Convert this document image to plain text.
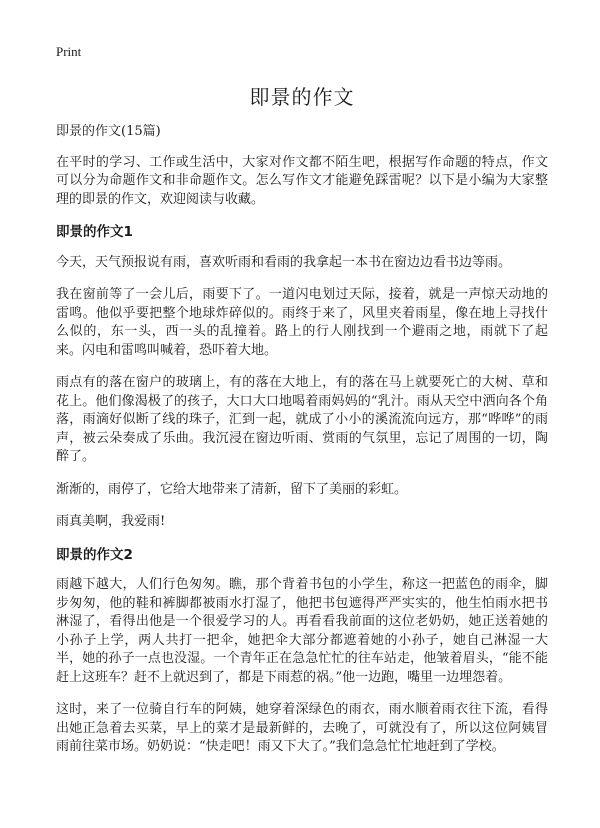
Print
即景的作文

即景的作文(15篇)

在平时的学习、工作或生活中，大家对作文都不陌生吧，根据写作命题的特点，作文可以分为命题作文和非命题作文。怎么写作文才能避免踩雷呢？以下是小编为大家整理的即景的作文，欢迎阅读与收藏。

即景的作文1

今天，天气预报说有雨，喜欢听雨和看雨的我拿起一本书在窗边边看书边等雨。

我在窗前等了一会儿后，雨要下了。一道闪电划过天际，接着，就是一声惊天动地的雷鸣。他似乎要把整个地球炸碎似的。雨终于来了，风里夹着雨星，像在地上寻找什么似的，东一头，西一头的乱撞着。路上的行人刚找到一个避雨之地，雨就下了起来。闪电和雷鸣叫喊着，恐吓着大地。

雨点有的落在窗户的玻璃上，有的落在大地上，有的落在马上就要死亡的大树、草和花上。他们像渴极了的孩子，大口大口地喝着雨妈妈的“乳汁。雨从天空中洒向各个角落，雨滴好似断了线的珠子，汇到一起，就成了小小的溪流流向远方，那“哗哗”的雨声，被云朵奏成了乐曲。我沉浸在窗边听雨、赏雨的气氛里，忘记了周围的一切，陶醉了。

渐渐的，雨停了，它给大地带来了清新，留下了美丽的彩虹。

雨真美啊，我爱雨!

即景的作文2

雨越下越大，人们行色匆匆。瞧，那个背着书包的小学生，称这一把蓝色的雨伞，脚步匆匆，他的鞋和裤脚都被雨水打湿了，他把书包遮得严严实实的，他生怕雨水把书淋湿了，看得出他是一个很爱学习的人。再看看我前面的这位老奶奶，她正送着她的小孙子上学，两人共打一把伞，她把伞大部分都遮着她的小孙子，她自己淋湿一大半，她的孙子一点也没湿。一个青年正在急急忙忙的往车站走，他皱着眉头，“能不能赶上这班车？赶不上就迟到了，都是下雨惹的祸。”他一边跑，嘴里一边埋怨着。

这时，来了一位骑自行车的阿姨，她穿着深绿色的雨衣，雨水顺着雨衣往下流，看得出她正急着去买菜，早上的菜才是最新鲜的，去晚了，可就没有了，所以这位阿姨冒雨前往菜市场。奶奶说：“快走吧！雨又下大了。”我们急急忙忙地赶到了学校。
